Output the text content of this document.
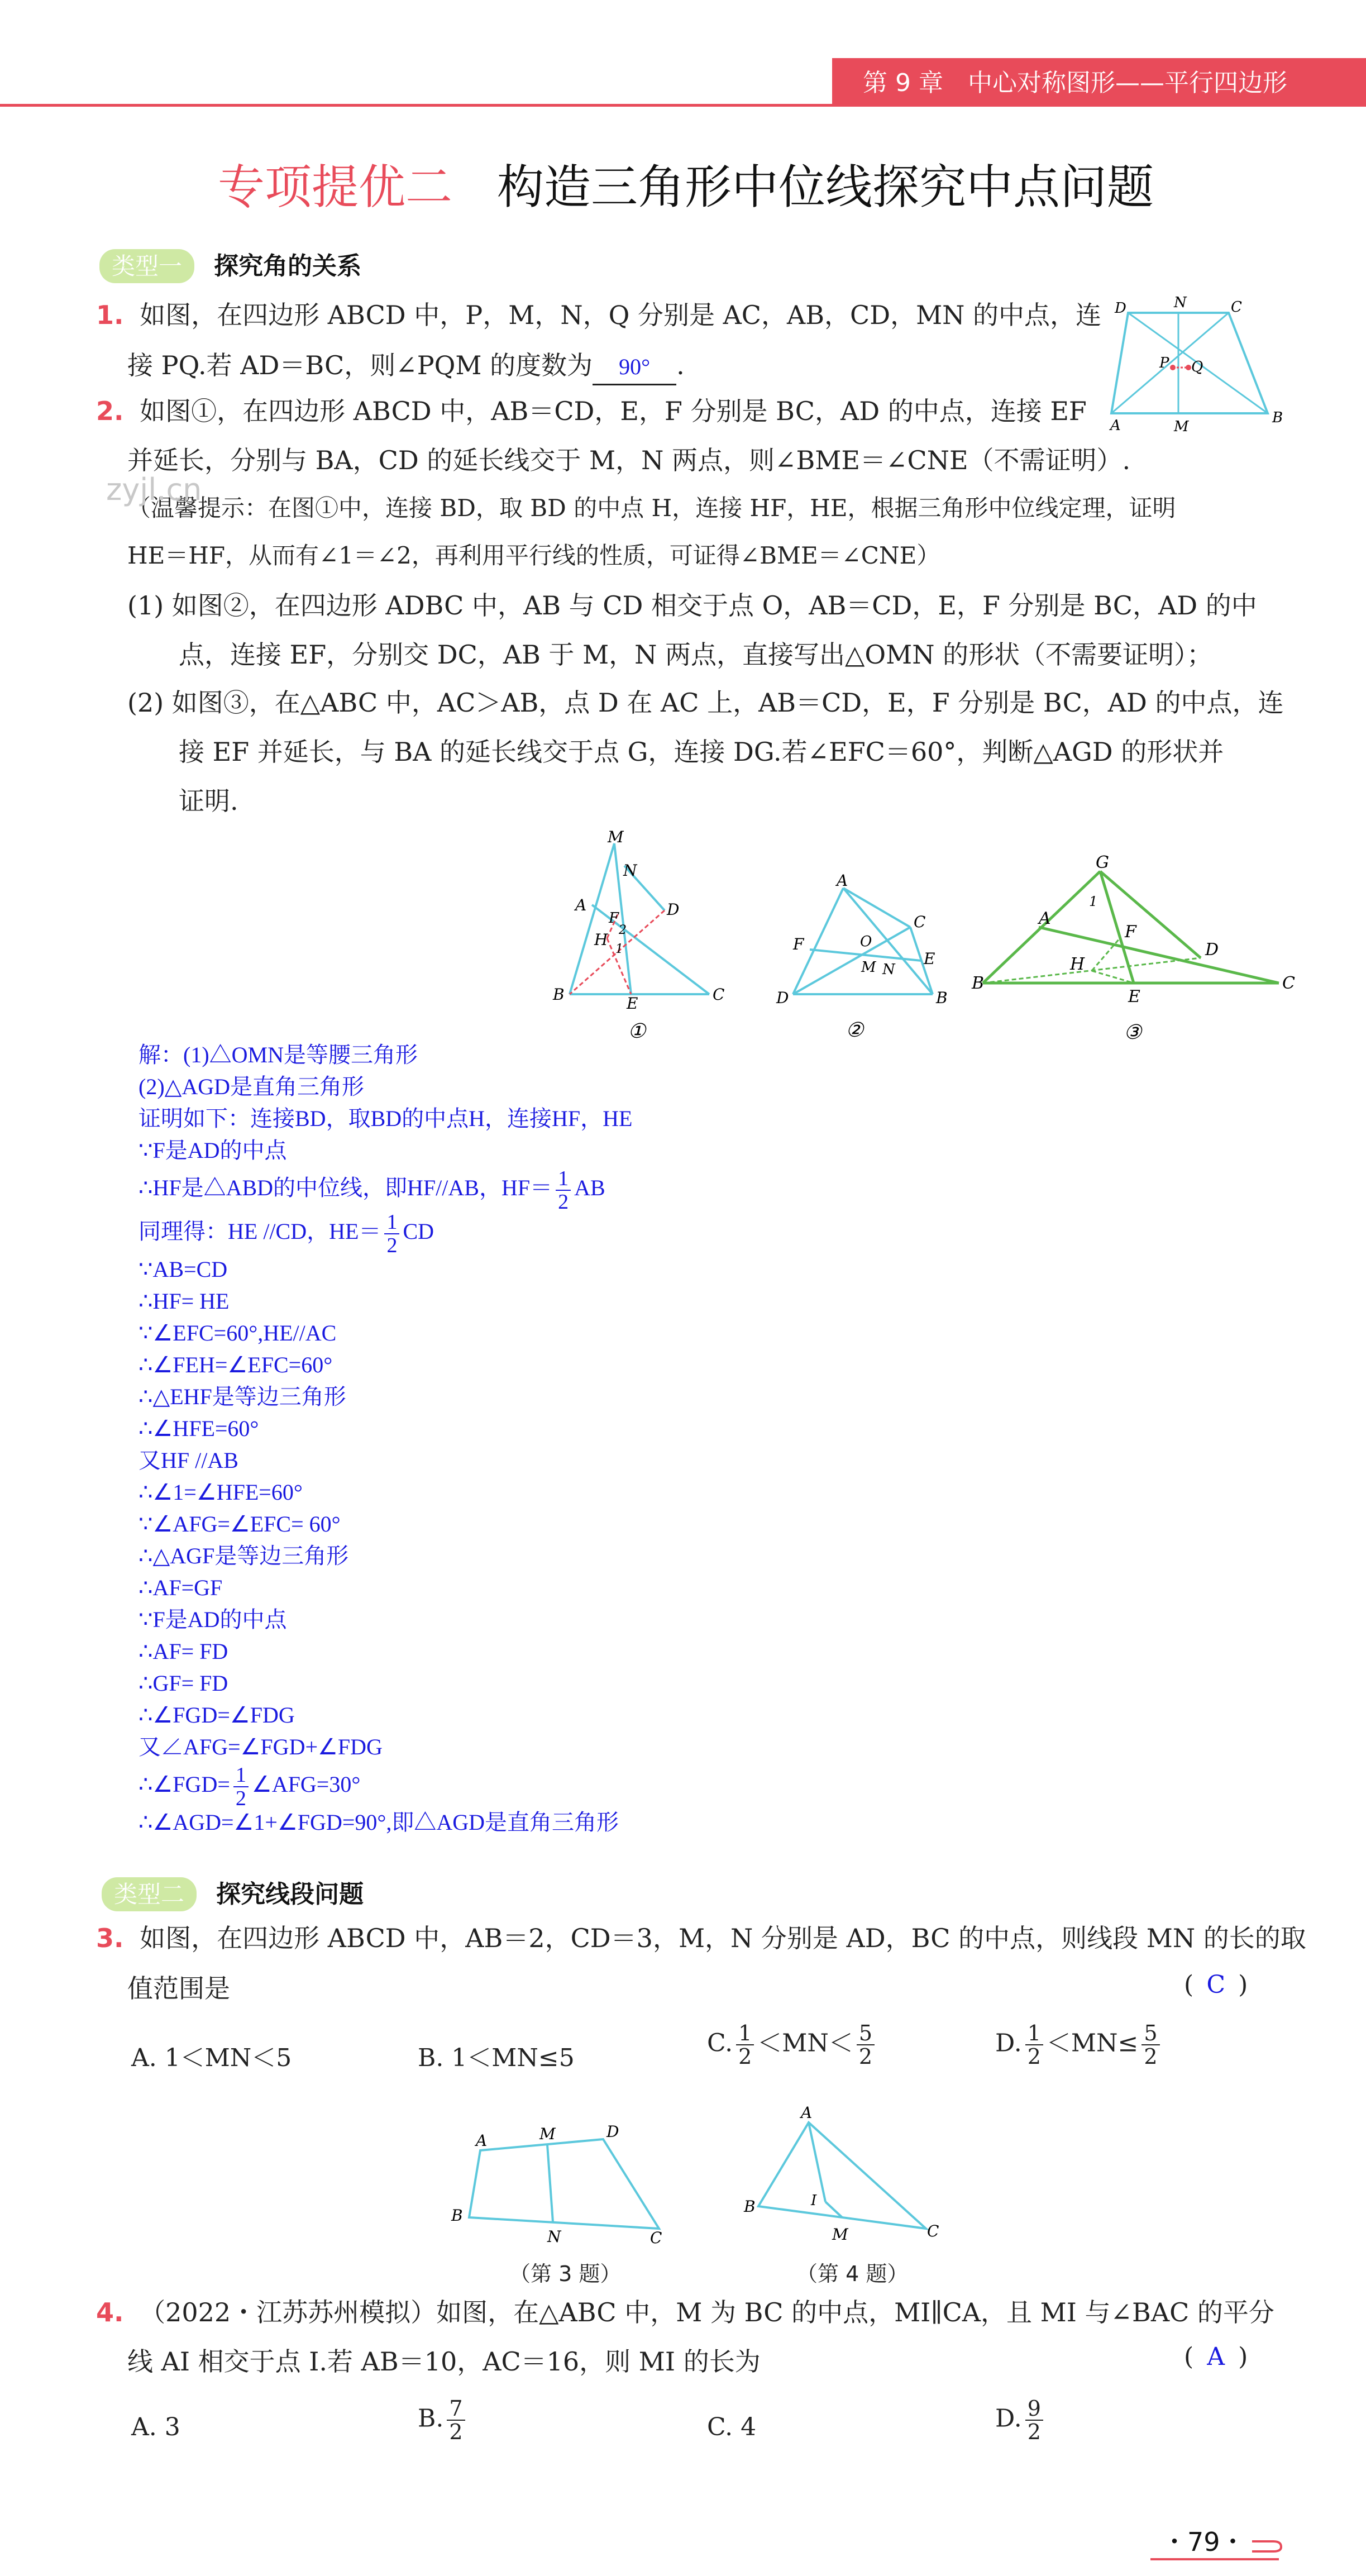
第 9 章 中心对称图形——平行四边形
专项提优二 构造三角形中位线探究中点问题
类型一 探究角的关系
1. 如图，在四边形 ABCD 中，P，M，N，Q 分别是 AC，AB，CD，MN 的中点，连
接 PQ.若 AD＝BC，则∠PQM 的度数为 90° .
D	N	C
P Q
A	M
B
2. 如图①，在四边形 ABCD 中，AB＝CD，E，F 分别是 BC，AD 的中点，连接 EF
并延长，分别与 BA，CD 的延长线交于 M，N 两点，则∠BME＝∠CNE（不需证明）.
（温馨提示：在图①中，连接 BD，取 BD 的中点 H，连接 HF，HE，根据三角形中位线定理，证明
HE＝HF，从而有∠1＝∠2，再利用平行线的性质，可证得∠BME＝∠CNE）
(1) 如图②，在四边形 ADBC 中，AB 与 CD 相交于点 O，AB＝CD，E，F 分别是 BC，AD 的中
点，连接 EF，分别交 DC，AB 于 M，N 两点，直接写出△OMN 的形状（不需要证明）；
(2) 如图③，在△ABC 中，AC＞AB，点 D 在 AC 上，AB＝CD，E，F 分别是 BC，AD 的中点，连
接 EF 并延长，与 BA 的延长线交于点 G，连接 DG.若∠EFC＝60°，判断△AGD 的形状并
证明.
zyjl.cn
M
N
A	D
F
2
H
1
B	E	C
①
A
C
F	O
M N
E
D	B
②
G
1
A
F
D
H
B
E
C
③
解：(1)△OMN是等腰三角形
(2)△AGD是直角三角形
证明如下：连接BD，取BD的中点H，连接HF，HE
∵F是AD的中点
∴HF是△ABD的中位线，即HF//AB，$HF= \frac{1}{2}$ AB
同理得：HE //CD，$HE= \frac{1}{2}$ CD
∵AB=CD
∴HF= HE
∵∠EFC=60°,HE//AC
∴∠FEH=∠EFC=60°
∴△EHF是等边三角形
∴∠HFE=60°
又HF //AB
∴∠1=∠HFE=60°
∵∠AFG=∠EFC= 60°
∴△AGF是等边三角形
∴AF=GF
∵F是AD的中点
∴AF= FD
∴GF= FD
∴∠FGD=∠FDG
又∠AFG=∠FGD+∠FDG
∴∠FGD= $\frac{1}{2}$ ∠AFG=30°
∴∠AGD=∠1+∠FGD=90°,即△AGD是直角三角形
类型二 探究线段问题
3. 如图，在四边形 ABCD 中，AB＝2，CD＝3，M，N 分别是 AD，BC 的中点，则线段 MN 的长的取
值范围是	( C )
A. 1＜MN＜5	B. 1＜MN≤5
C. $\frac{1}{2} <MN< \frac{5}{2}$	D. $\frac{1}{2} <MN\le \frac{5}{2}$
A	M	D
B
N	C
（第 3 题）
A
I
B
M	C
（第 4 题）
4. （2022・江苏苏州模拟）如图，在△ABC 中，M 为 BC 的中点，MI∥CA，且 MI 与∠BAC 的平分
线 AI 相交于点 I.若 AB＝10，AC＝16，则 MI 的长为	( A )
A. 3	B. $\frac{7}{2}$	C. 4	D. $\frac{9}{2}$
・79・
